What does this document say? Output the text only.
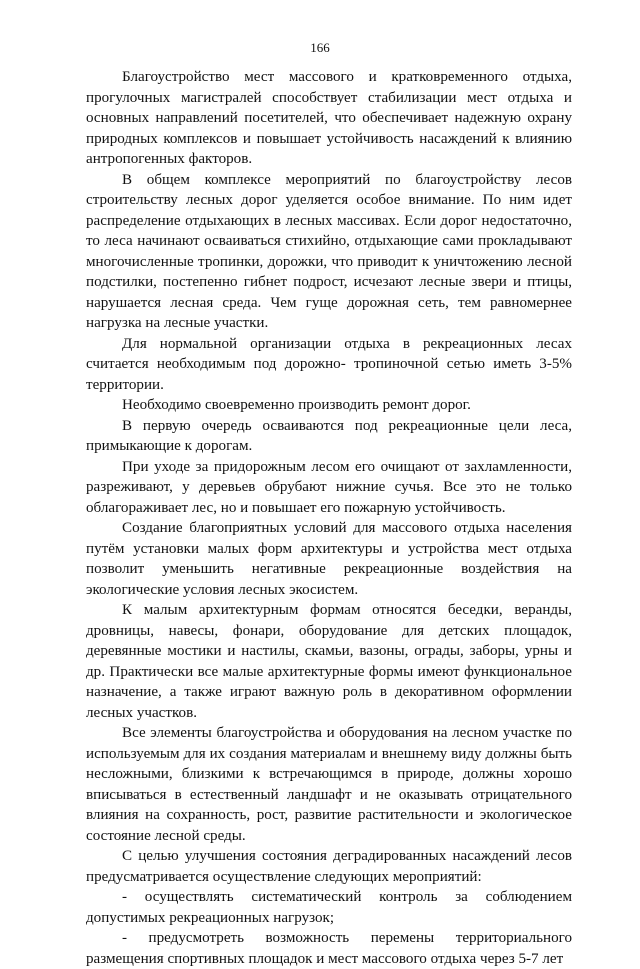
166

Благоустройство мест массового и кратковременного отдыха, прогулочных магистралей способствует стабилизации мест отдыха и основных направлений посетителей, что обеспечивает надежную охрану природных комплексов и повышает устойчивость насаждений к влиянию антропогенных факторов.

В общем комплексе мероприятий по благоустройству лесов строительству лесных дорог уделяется особое внимание. По ним идет распределение отдыхающих в лесных массивах. Если дорог недостаточно, то леса начинают осваиваться стихийно, отдыхающие сами прокладывают многочисленные тропинки, дорожки, что приводит к уничтожению лесной подстилки, постепенно гибнет подрост, исчезают лесные звери и птицы, нарушается лесная среда. Чем гуще дорожная сеть, тем равномернее нагрузка на лесные участки.

Для нормальной организации отдыха в рекреационных лесах считается необходимым под дорожно- тропиночной сетью иметь 3-5% территории.

Необходимо своевременно производить ремонт дорог.

В первую очередь осваиваются под рекреационные цели леса, примыкающие к дорогам.

При уходе за придорожным лесом его очищают от захламленности, разреживают, у деревьев обрубают нижние сучья. Все это не только облагораживает лес, но и повышает его пожарную устойчивость.

Создание благоприятных условий для массового отдыха населения путём установки малых форм архитектуры и устройства мест отдыха позволит уменьшить негативные рекреационные воздействия на экологические условия лесных экосистем.

К малым архитектурным формам относятся беседки, веранды, дровницы, навесы, фонари, оборудование для детских площадок, деревянные мостики и настилы, скамьи, вазоны, ограды, заборы, урны и др. Практически все малые архитектурные формы имеют функциональное назначение, а также играют важную роль в декоративном оформлении лесных участков.

Все элементы благоустройства и оборудования на лесном участке по используемым для их создания материалам и внешнему виду должны быть несложными, близкими к встречающимся в природе, должны хорошо вписываться в естественный ландшафт и не оказывать отрицательного влияния на сохранность, рост, развитие растительности и экологическое состояние лесной среды.

С целью улучшения состояния деградированных насаждений лесов предусматривается осуществление следующих мероприятий:

- осуществлять систематический контроль за соблюдением допустимых рекреационных нагрузок;

- предусмотреть возможность перемены территориального размещения спортивных площадок и мест массового отдыха через 5-7 лет
